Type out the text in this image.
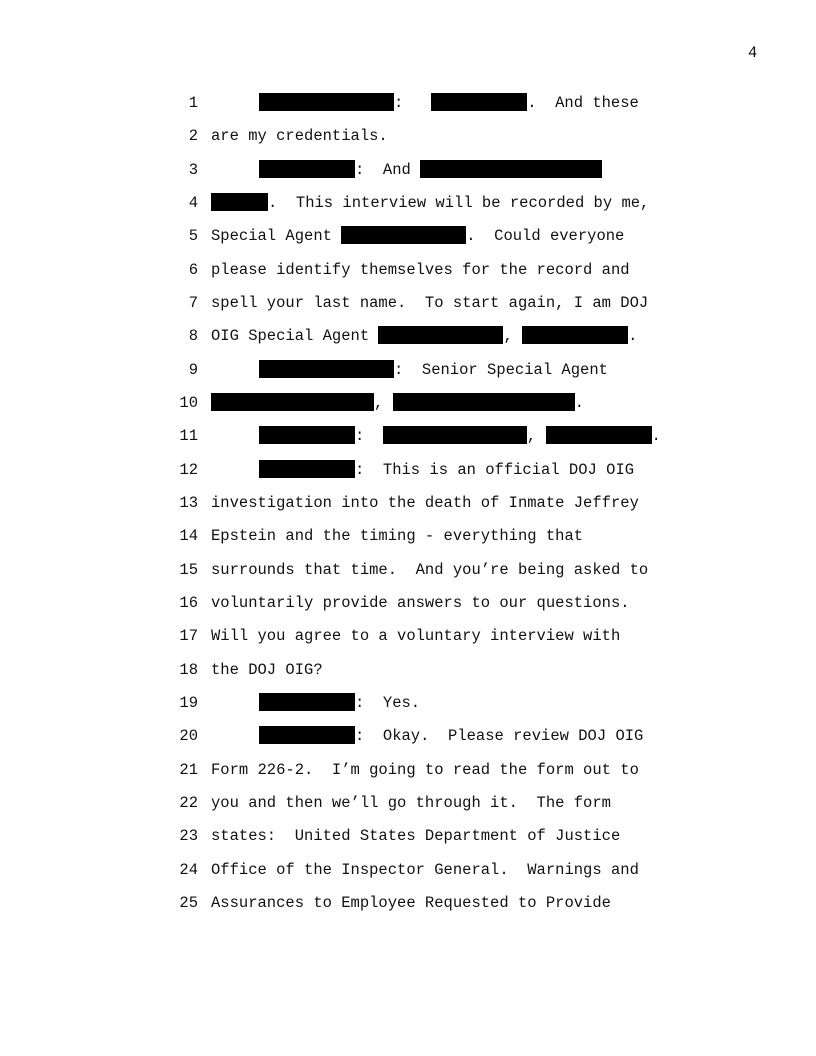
4
1	:	.  And these
2 are my credentials.
3	:  And
4	.  This interview will be recorded by me,
5 Special Agent	.  Could everyone
6 please identify themselves for the record and
7 spell your last name.  To start again, I am DOJ
8 OIG Special Agent	,	.
9	:  Senior Special Agent
10	,	.
11	:	,	.
12	:  This is an official DOJ OIG
13 investigation into the death of Inmate Jeffrey
14 Epstein and the timing - everything that
15 surrounds that time.  And you’re being asked to
16 voluntarily provide answers to our questions.
17 Will you agree to a voluntary interview with
18 the DOJ OIG?
19	:  Yes.
20	:  Okay.  Please review DOJ OIG
21 Form 226-2.  I’m going to read the form out to
22 you and then we’ll go through it.  The form
23 states:  United States Department of Justice
24 Office of the Inspector General.  Warnings and
25 Assurances to Employee Requested to Provide
